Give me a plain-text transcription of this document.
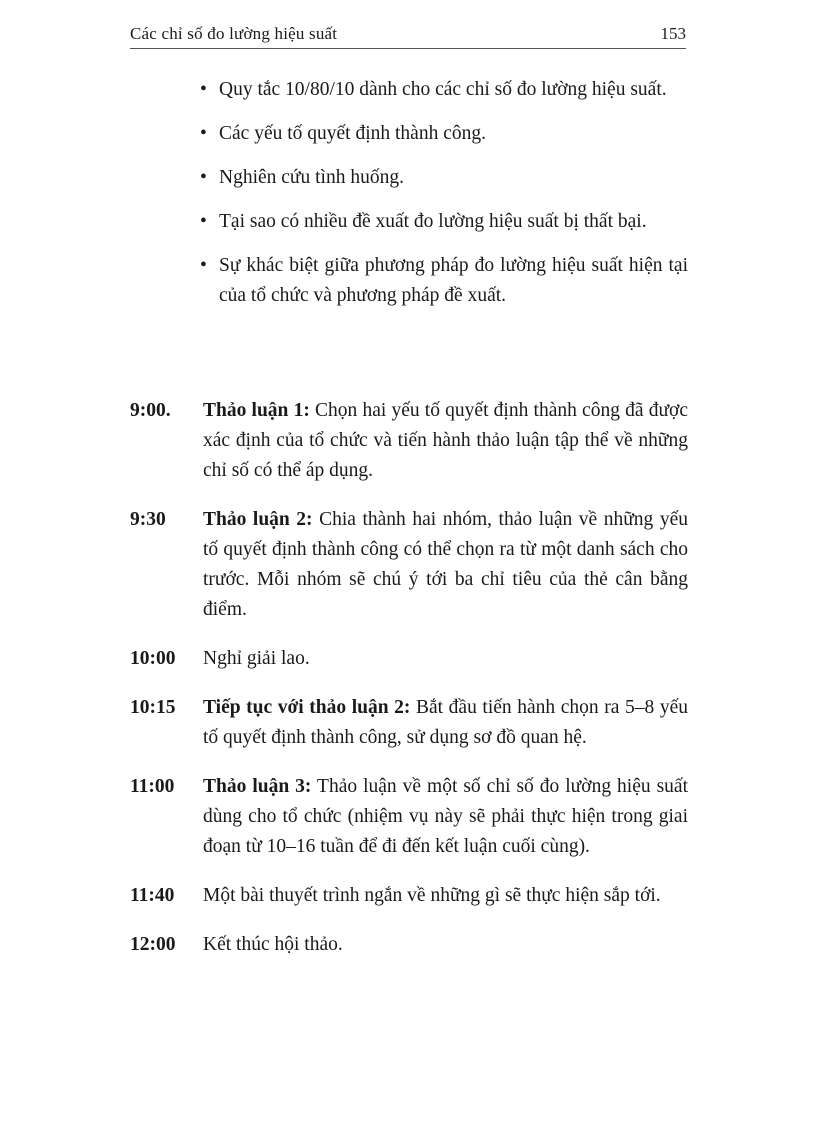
Các chỉ số đo lường hiệu suất	153
• Quy tắc 10/80/10 dành cho các chỉ số đo lường hiệu suất.
• Các yếu tố quyết định thành công.
• Nghiên cứu tình huống.
• Tại sao có nhiều đề xuất đo lường hiệu suất bị thất bại.
• Sự khác biệt giữa phương pháp đo lường hiệu suất hiện tại của tổ chức và phương pháp đề xuất.
9:00. Thảo luận 1: Chọn hai yếu tố quyết định thành công đã được xác định của tổ chức và tiến hành thảo luận tập thể về những chỉ số có thể áp dụng.
9:30 Thảo luận 2: Chia thành hai nhóm, thảo luận về những yếu tố quyết định thành công có thể chọn ra từ một danh sách cho trước. Mỗi nhóm sẽ chú ý tới ba chỉ tiêu của thẻ cân bằng điểm.
10:00 Nghỉ giải lao.
10:15 Tiếp tục với thảo luận 2: Bắt đầu tiến hành chọn ra 5–8 yếu tố quyết định thành công, sử dụng sơ đồ quan hệ.
11:00 Thảo luận 3: Thảo luận về một số chỉ số đo lường hiệu suất dùng cho tổ chức (nhiệm vụ này sẽ phải thực hiện trong giai đoạn từ 10–16 tuần để đi đến kết luận cuối cùng).
11:40 Một bài thuyết trình ngắn về những gì sẽ thực hiện sắp tới.
12:00 Kết thúc hội thảo.
